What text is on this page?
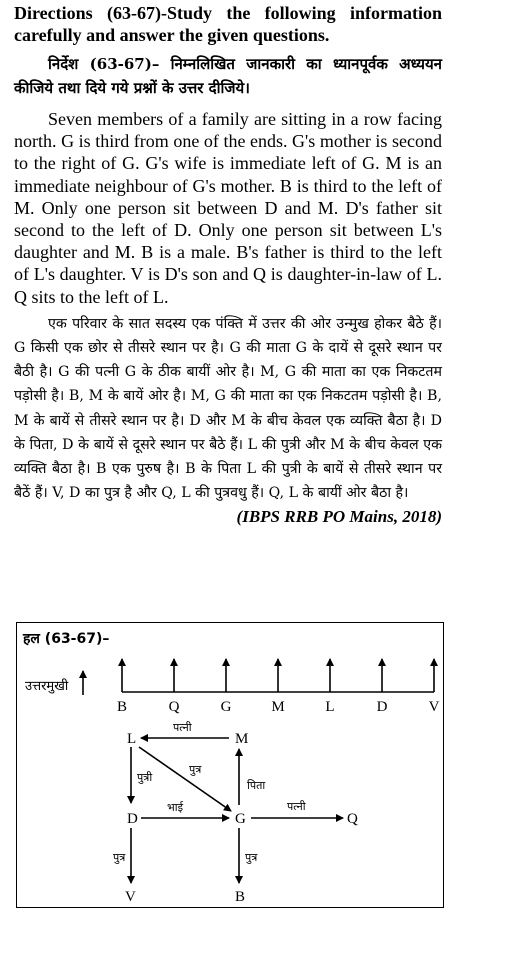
Directions (63-67)-Study the following information carefully and answer the given questions.

निर्देश (63-67)– निम्नलिखित जानकारी का ध्यानपूर्वक अध्ययन कीजिये तथा दिये गये प्रश्नों के उत्तर दीजिये।

Seven members of a family are sitting in a row facing north. G is third from one of the ends. G's mother is second to the right of G. G's wife is immediate left of G. M is an immediate neighbour of G's mother. B is third to the left of M. Only one person sit between D and M. D's father sit second to the left of D. Only one person sit between L's daughter and M. B is a male. B's father is third to the left of L's daughter. V is D's son and Q is daughter-in-law of L. Q sits to the left of L.

एक परिवार के सात सदस्य एक पंक्ति में उत्तर की ओर उन्मुख होकर बैठे हैं। G किसी एक छोर से तीसरे स्थान पर है। G की माता G के दायें से दूसरे स्थान पर बैठी है। G की पत्नी G के ठीक बायीं ओर है। M, G की माता का एक निकटतम पड़ोसी है। B, M के बायें ओर है। M, G की माता का एक निकटतम पड़ोसी है। B, M के बायें से तीसरे स्थान पर है। D और M के बीच केवल एक व्यक्ति बैठा है। D के पिता, D के बायें से दूसरे स्थान पर बैठे हैं। L की पुत्री और M के बीच केवल एक व्यक्ति बैठा है। B एक पुरुष है। B के पिता L की पुत्री के बायें से तीसरे स्थान पर बैठें हैं। V, D का पुत्र है और Q, L की पुत्रवधु हैं। Q, L के बायीं ओर बैठा है।

(IBPS RRB PO Mains, 2018)

हल (63-67)–
उत्तरमुखी
B	Q	G	M	L	D	V
L	M
D	G	Q
V	B
पत्नी
पुत्री
पुत्र
पिता
भाई	पत्नी
पुत्र	पुत्र
